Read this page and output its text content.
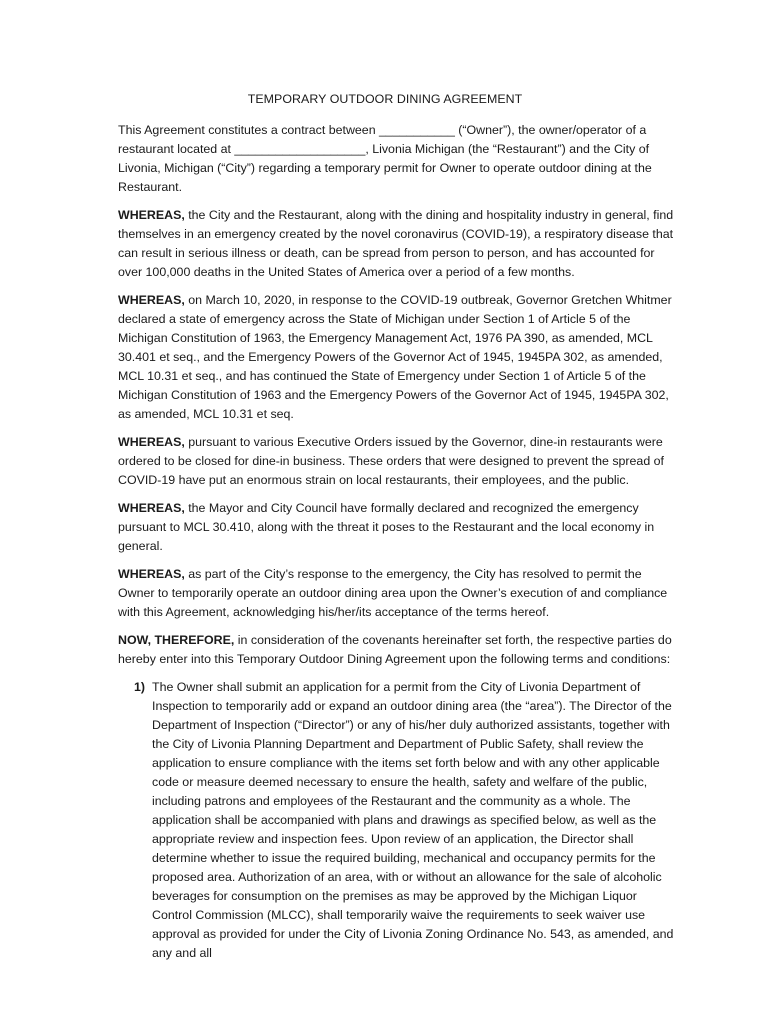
TEMPORARY OUTDOOR DINING AGREEMENT

This Agreement constitutes a contract between ___________ (“Owner”), the owner/operator of a restaurant located at ___________________, Livonia Michigan (the “Restaurant”) and the City of Livonia, Michigan (“City”) regarding a temporary permit for Owner to operate outdoor dining at the Restaurant.

WHEREAS, the City and the Restaurant, along with the dining and hospitality industry in general, find themselves in an emergency created by the novel coronavirus (COVID-19), a respiratory disease that can result in serious illness or death, can be spread from person to person, and has accounted for over 100,000 deaths in the United States of America over a period of a few months.

WHEREAS, on March 10, 2020, in response to the COVID-19 outbreak, Governor Gretchen Whitmer declared a state of emergency across the State of Michigan under Section 1 of Article 5 of the Michigan Constitution of 1963, the Emergency Management Act, 1976 PA 390, as amended, MCL 30.401 et seq., and the Emergency Powers of the Governor Act of 1945, 1945PA 302, as amended, MCL 10.31 et seq., and has continued the State of Emergency under Section 1 of Article 5 of the Michigan Constitution of 1963 and the Emergency Powers of the Governor Act of 1945, 1945PA 302, as amended, MCL 10.31 et seq.

WHEREAS, pursuant to various Executive Orders issued by the Governor, dine-in restaurants were ordered to be closed for dine-in business. These orders that were designed to prevent the spread of COVID-19 have put an enormous strain on local restaurants, their employees, and the public.

WHEREAS, the Mayor and City Council have formally declared and recognized the emergency pursuant to MCL 30.410, along with the threat it poses to the Restaurant and the local economy in general.

WHEREAS, as part of the City’s response to the emergency, the City has resolved to permit the Owner to temporarily operate an outdoor dining area upon the Owner’s execution of and compliance with this Agreement, acknowledging his/her/its acceptance of the terms hereof.

NOW, THEREFORE, in consideration of the covenants hereinafter set forth, the respective parties do hereby enter into this Temporary Outdoor Dining Agreement upon the following terms and conditions:

1) The Owner shall submit an application for a permit from the City of Livonia Department of Inspection to temporarily add or expand an outdoor dining area (the “area”). The Director of the Department of Inspection (“Director”) or any of his/her duly authorized assistants, together with the City of Livonia Planning Department and Department of Public Safety, shall review the application to ensure compliance with the items set forth below and with any other applicable code or measure deemed necessary to ensure the health, safety and welfare of the public, including patrons and employees of the Restaurant and the community as a whole. The application shall be accompanied with plans and drawings as specified below, as well as the appropriate review and inspection fees. Upon review of an application, the Director shall determine whether to issue the required building, mechanical and occupancy permits for the proposed area. Authorization of an area, with or without an allowance for the sale of alcoholic beverages for consumption on the premises as may be approved by the Michigan Liquor Control Commission (MLCC), shall temporarily waive the requirements to seek waiver use approval as provided for under the City of Livonia Zoning Ordinance No. 543, as amended, and any and all
